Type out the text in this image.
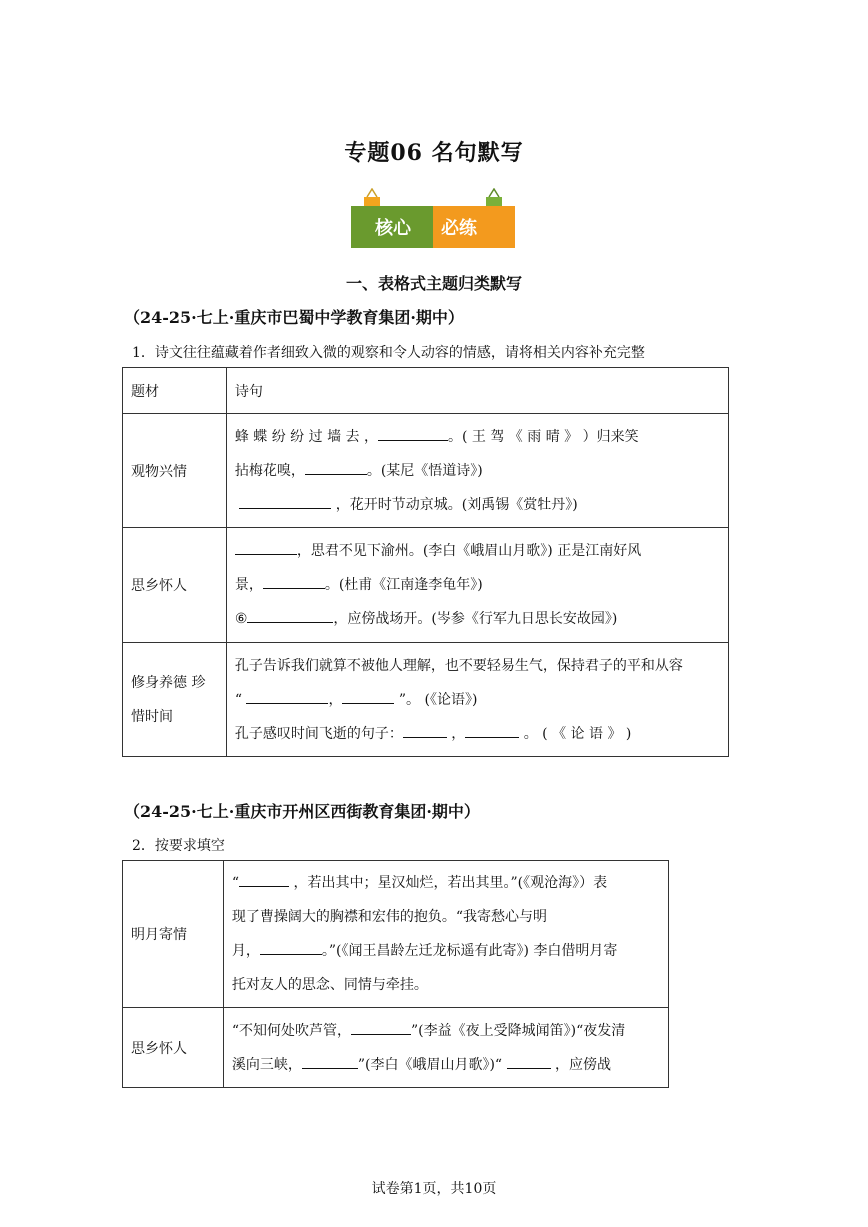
专题06 名句默写
核心 必练
一、表格式主题归类默写
（24-25·七上·重庆市巴蜀中学教育集团·期中）
1．诗文往往蕴藏着作者细致入微的观察和令人动容的情感，请将相关内容补充完整
题材	诗句
观物兴情	蜂 蝶 纷 纷 过 墙 去 ， 。( 王 驾 《 雨 晴 》 ）归来笑
拈梅花嗅， 。(某尼《悟道诗》)
，花开时节动京城。(刘禹锡《赏牡丹》)

思乡怀人	，思君不见下渝州。(李白《峨眉山月歌》) 正是江南好风
景， 。(杜甫《江南逢李龟年》)
⑥ ，应傍战场开。(岑参《行军九日思长安故园》)

修身养德 珍惜时间	孔子告诉我们就算不被他人理解，也不要轻易生气，保持君子的平和从容
“ ， ”。 (《论语》)
孔子感叹时间飞逝的句子： ， 。 ( 《 论 语 》 )
（24-25·七上·重庆市开州区西街教育集团·期中）
2．按要求填空
明月寄情	“ ，若出其中；星汉灿烂，若出其里。”(《观沧海》）表
现了曹操阔大的胸襟和宏伟的抱负。“我寄愁心与明
月， 。”(《闻王昌龄左迁龙标遥有此寄》) 李白借明月寄
托对友人的思念、同情与牵挂。

思乡怀人	“不知何处吹芦管， ”(李益《夜上受降城闻笛》)“夜发清
溪向三峡， ”(李白《峨眉山月歌》)“ ，应傍战
试卷第1页，共10页
